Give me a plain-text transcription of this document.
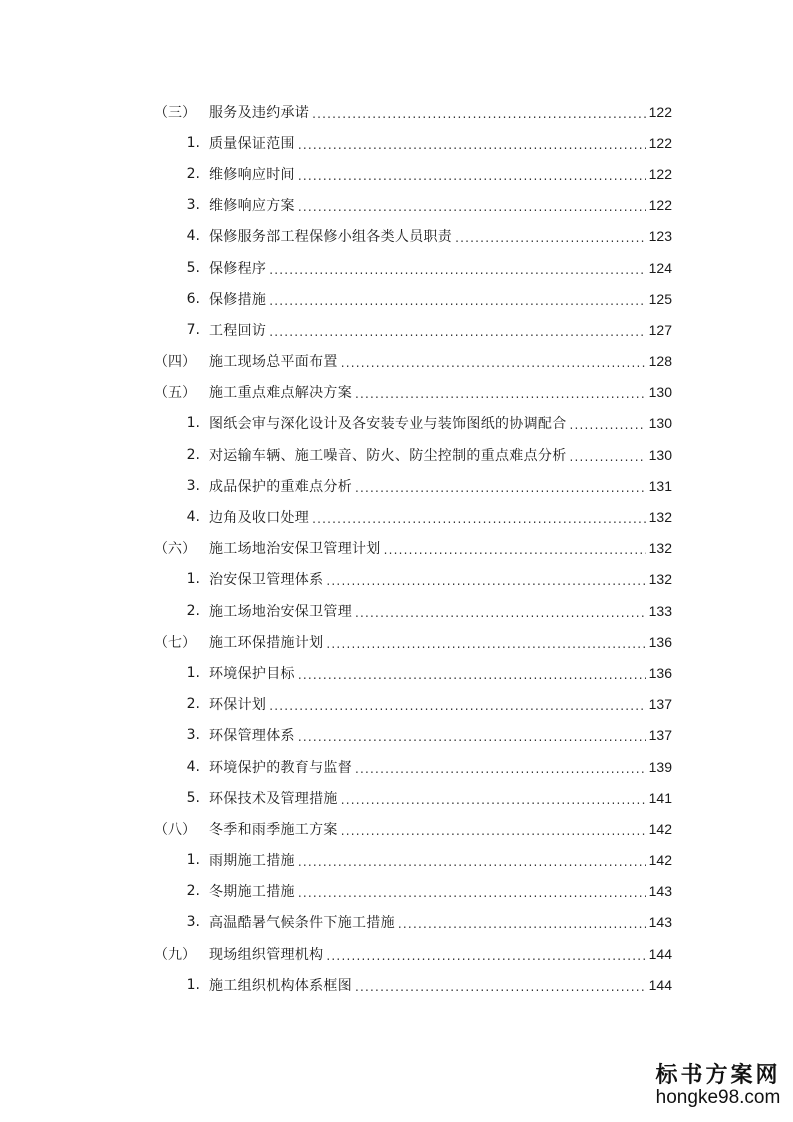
（三） 服务及违约承诺 .....	122
1. 质量保证范围 .....	122
2. 维修响应时间 .....	122
3. 维修响应方案 .....	122
4. 保修服务部工程保修小组各类人员职责 .....	123
5. 保修程序 .....	124
6. 保修措施 .....	125
7. 工程回访 .....	127
（四） 施工现场总平面布置 .....	128
（五） 施工重点难点解决方案 .....	130
1. 图纸会审与深化设计及各安装专业与装饰图纸的协调配合 .....	130
2. 对运输车辆、施工噪音、防火、防尘控制的重点难点分析 .....	130
3. 成品保护的重难点分析 .....	131
4. 边角及收口处理 .....	132
（六） 施工场地治安保卫管理计划 .....	132
1. 治安保卫管理体系 .....	132
2. 施工场地治安保卫管理 .....	133
（七） 施工环保措施计划 .....	136
1. 环境保护目标 .....	136
2. 环保计划 .....	137
3. 环保管理体系 .....	137
4. 环境保护的教育与监督 .....	139
5. 环保技术及管理措施 .....	141
（八） 冬季和雨季施工方案 .....	142
1. 雨期施工措施 .....	142
2. 冬期施工措施 .....	143
3. 高温酷暑气候条件下施工措施 .....	143
（九） 现场组织管理机构 .....	144
1. 施工组织机构体系框图 .....	144
标书方案网
hongke98.com
